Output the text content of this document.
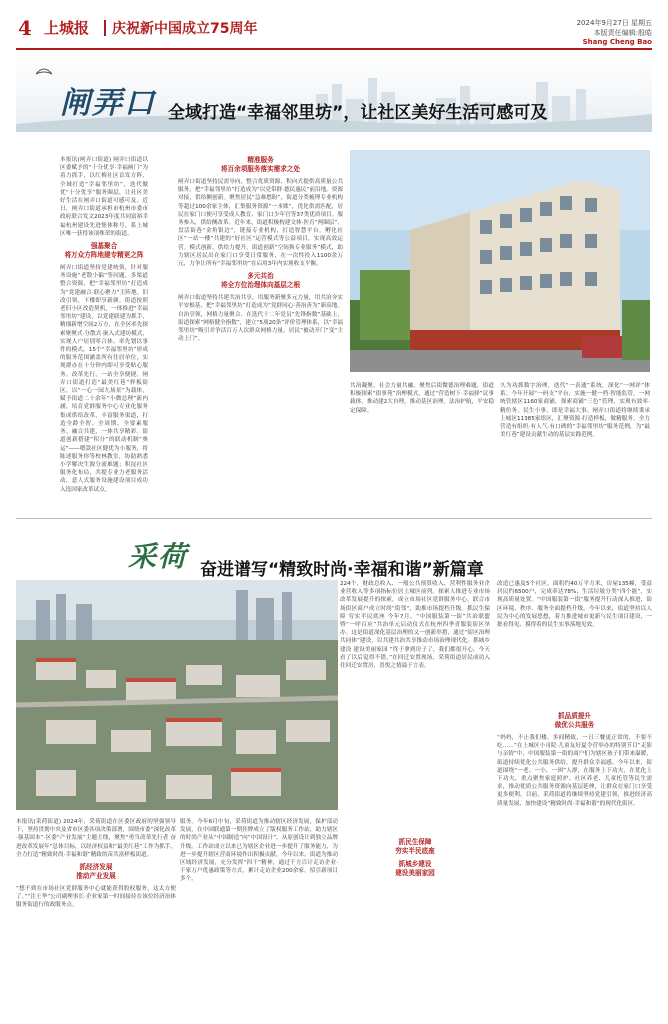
4 上城报 庆祝新中国成立75周年	2024年9月27日 星期五
本版责任编辑:殷皓
Shang Cheng Bao
闸弄口 全域打造“幸福邻里坊”，让社区美好生活可感可及
本报讯(闸弄口街道) 闸弄口街道以区委赋予的“十分优享·幸福闸门”为着力抓手，以红梅社区首发方阵，全域打造“幸福邻里坊”，迭代做优“十分优享”服务圈层，让社区美好生活在闸弄口街道可感可及。近日，闸弄口街道承担市杭州市委市政府联合发文2023年度共同富裕幸福杭州建设先进集体称号，系上城区唯一获得该项殊荣的街道。
强基聚合
将万众方阵地建专精更之阵
闸弄口街道坚持党建统领，针对服务设施“老散小偏”等问题，多渠道整合资源，把“幸福邻里坊”打造成为“党建融合·联心聚力”主阵地。旧改引领，下楼即享新颜。街道按照老旧小区改造契机，一体推进“幸福邻里坊”建设，以党建联建为抓手，精细新增空间2万方，在全区率先探索聚聚式·分散式·嵌入式建坊模式，实现人户居别零合体。率先划以事件的模式，15个“幸福邻里坊”形成的服务范围涵盖所有住居单位，实现群办在十分钟内即可享受贴心服务。改革先行，一站全享便捷。闸弄口街道打造“最美红巷”样板街区，以“一心一园九场景”为载体，赋予街道二十余年“小微总理”新内涵，培育党群服务中心专业化服务集成供给改革，丰富服务渠道，打造全龄全智、全周期、全要素服务。融合共建，一体共享精彩。街道创新搭建“积分”的联动机制“奥运”——嗯款社区健优为小服务，将陈述服务你等校林教室，协助熟悉小学解决生源分流难题；积淀社区服务化布局，共提专业力老服务活动，意人式服务设施建设项目成功入选国家改革试点。
精准服务
将百余项服务落实需求之处
闸弄口街道坚持民需导向，整合优质资源，积向式提供高质量公共服务，把“幸福邻里坊”打造成为“以党带群·德民惠民”前沿地。资源对接，供给侧创新。聚焦居民“急难愁盼”，街道分类梳理专业机构等超过100余家主体，汇集服务资源“一本账”，优化供需匹配，居民在家门口便可享受成人教育、家门口少年宫等37类优质项目。服务参入，供给侧改革。近年来，街道积极构建文体·医育“两圈层”，盘活街巷“金角银边”，链接专业机构，打造智慧平台，孵化社区“一站一楼”共建的“好社区”运营模式等公益项目，实现高效运营。模式创新，供给力提升。街道创新“空间换专业服务”模式，助力辖区居民出在家门口享受日常服务，在一次性投入1100余万元，力争让所有“幸福邻里坊”在启用3年内实现收支平衡。
多元共治
将全方位治理体向基层之根
闸弄口街道坚持共建共治共享，用服务新聚多元力量，用共治夯实平安根基，把“幸福邻里坊”打造成为“党群同心·善治善为”新高地。自治引领，网格力量聚合。在选代十二年党员“先锋指数”基础上，街道探索“网格健全指数”，建立“5项20条”评价管理体系，以“幸福邻里坊”吸引并争活百万人次群众网格力量，居民“被动开门”变“主动上门”。
共治凝聚，社会力量共融。聚焦后街微德治理难题，街道积极探索“街事苑”治理模式，通过“营造树下·幸福驿”议事载体，推动建2大自理，推动基区治理。法治护航，平安稳定保障。
久为功抓数字治理，迭代“一表通”系统，深化“一网评”体系。今年开展“一码支”平台，实施一健一档·智能监管，一网统管辖区1160家商铺，探索商铺“三色”管理，实现有效率·精仿务。民生小事，即是幸福大事。闸弄口街道将继续秉承上城区11385家组区，汇聚资源·打造样板，做精服务，全力营造有组织·有人气·有口碑的“幸福邻里坊”服务范例，为“最美红巷”建设贡献生动的基层实践范例。
采荷 奋进谱写“精致时尚·幸福和谐”新篇章
224个，财政总收入、一般公共预算收入、营利性服务业企业营收入等多项指标位居上城区前列。探索人推进专业市场改革发展提升的探索，成立市场社区党群服务中心，联合市场街区商户成立时尚“街邻”，助推市场提档升级。抓民生保障 穷实半民底座 今年7月，“中国服装第一街”共治联盟暨“一呼百应”共治单元启动仪式在杭州四季青服装街区举办。这是街道深化基层治理的又一创新举措，通过“街区治理共同体”建设，以共建共治共享推动市场治理现代化。抓城乡建设 建设美丽家园 “终于拿到房子了，我们都很开心，今天看了以后觉得不错。”在回迁安置现场，采荷街道居民成功入住回迁安置房，喜悦之情溢于言表。
改造已惠及5个社区，面积约40万平方米，房屋135幢，受益居民约6500户，完成率达78%；生活垃圾分类“四个能”，实现高质量处置。“中国服装第一街”服务提升行动深入推进，街区环境、秩序、服务全面提档升级。今年以来，街道坚持以人民为中心的发展思想，着力推进城市更新与民生项目建设，一批看得见、摸得着的民生实事落地见效。
抓品质提升
做优公共服务
“妈妈，不止我们楼，多间精致，一日三餐更正常的，不要不吃……”在上城区小司院·儿童友好夏令营举办的特别节目“走影与亲情”中，中国服装第一街的商户们为辖区孩子们带来温暖，街道持续优化公共服务供给，提升群众幸福感。今年以来，街道围绕“一老、一小、一困”人群，在服务上下功夫，在优化上下功夫，重点聚焦家庭照护、社区养老、儿童托管等民生需求，推动优质公共服务资源向基层延伸，让群众在家门口享受更多便利。目前，采荷街道将继续坚持党建引领，推进经济高质量发展，加快建设“精致时尚·幸福和谐”的现代化街区。
本报讯(采荷街道) 2024年，采荷街道在区委区政府的坚强领导下，坚持贯彻中央及省市区委各项决策部署，围绕市委“深化改革·强基固本”·区委“产业发展”主题主线，聚焦“勇当改革先行者 奋进改革发展年”总体目标，以经济权益和“最美红巷”工作为抓手，全力打造“精致时尚·幸福和谐”精致的苗共富样板街道。
抓经济发展
推动产业发展
“想不到在市场社区党群服务中心就能获得股权服务，这太方便了。”“注王华”公司副理事长·企业家第一时间接待在该位经济治体服务街道行的政服务点。
服务。今年6月中旬，采荷街道为推动辖区经济发展，保护部动发展，在中国联通第一期挂牌成立了版权服务工作站，助力辖区的时尚产业从“中国制造”向“中国设计”，从原创设计到独立品牌升级。工作站成立以来已为辖区企业进一步提升了服务能力，为进一步提升辖区营商环境作出积极贡献。今年以来，街道为推动区域经济发展，充分发挥“四千”精神，通过千方百计走访企业·千家万户优惠政策等方式，累计走访企业200余家，招引新项目多个。
抓民生保障
穷实半民底座
抓城乡建设
建设美丽家园
